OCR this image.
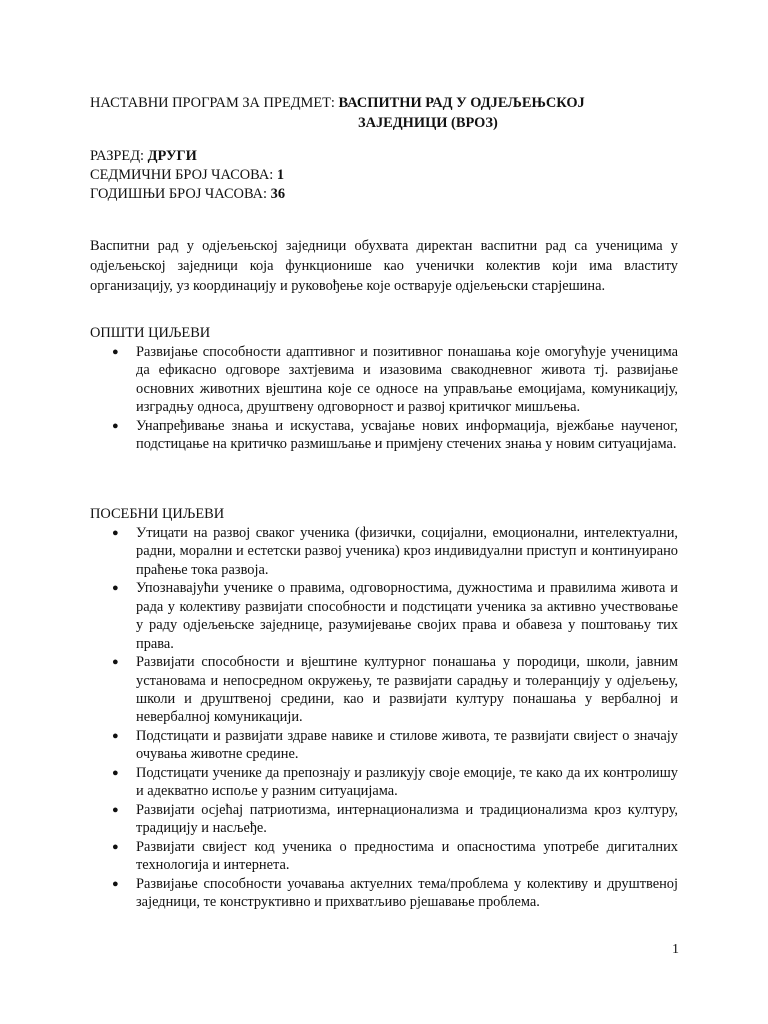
НАСТАВНИ ПРОГРАМ ЗА ПРЕДМЕТ: ВАСПИТНИ РАД У ОДЈЕЉЕЊСКОЈ
ЗАЈЕДНИЦИ (ВРОЗ)
РАЗРЕД: ДРУГИ
СЕДМИЧНИ БРОЈ ЧАСОВА: 1
ГОДИШЊИ БРОЈ ЧАСОВА: 36

Васпитни рад у одјељењској заједници обухвата директан васпитни рад са ученицима у одјељењској заједници која функционише као ученички колектив који има властиту организацију, уз координацију и руковођење које остварује одјељењски старјешина.

ОПШТИ ЦИЉЕВИ
● Развијање способности адаптивног и позитивног понашања које омогућује ученицима да ефикасно одговоре захтјевима и изазовима свакодневног живота тј. развијање основних животних вјештина које се односе на управљање емоцијама, комуникацију, изградњу односа, друштвену одговорност и развој критичког мишљења.
● Унапређивање знања и искустава, усвајање нових информација, вјежбање наученог, подстицање на критичко размишљање и примјену стечених знања у новим ситуацијама.
ПОСЕБНИ ЦИЉЕВИ
● Утицати на развој сваког ученика (физички, социјални, емоционални, интелектуални, радни, морални и естетски развој ученика) кроз индивидуални приступ и континуирано праћење тока развоја.
● Упознавајући ученике о правима, одговорностима, дужностима и правилима живота и рада у колективу развијати способности и подстицати ученика за активно учествовање у раду одјељењске заједнице, разумијевање својих права и обавеза у поштовању тих права.
● Развијати способности и вјештине културног понашања у породици, школи, јавним установама и непосредном окружењу, те развијати сарадњу и толеранцију у одјељењу, школи и друштвеној средини, као и развијати културу понашања у вербалној и невербалној комуникацији.
● Подстицати и развијати здраве навике и стилове живота, те развијати свијест о значају очувања животне средине.
● Подстицати ученике да препознају и разликују своје емоције, те како да их контролишу и адекватно испоље у разним ситуацијама.
● Развијати осјећај патриотизма, интернационализма и традиционализма кроз културу, традицију и насљеђе.
● Развијати свијест код ученика о предностима и опасностима употребе дигиталних технологија и интернета.
● Развијање способности уочавања актуелних тема/проблема у колективу и друштвеној заједници, те конструктивно и прихватљиво рјешавање проблема.
1
